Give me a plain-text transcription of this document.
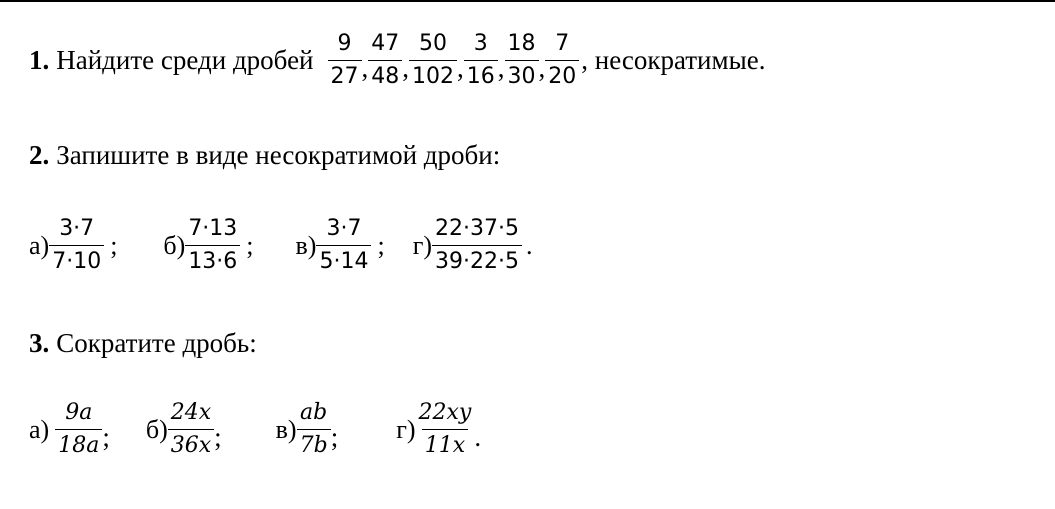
1. Найдите среди дробей $\frac{9}{27}$ , $\frac{47}{48}$ , $\frac{50}{102}$ , $\frac{3}{16}$ , $\frac{18}{30}$ , $\frac{7}{20}$ , несократимые.
2. Запишите в виде несократимой дроби:
$а) \frac{3\cdot 7}{7\cdot 10}$ ; $б) \frac{7\cdot 13}{13\cdot 6}$ ; $в) \frac{3\cdot 7}{5\cdot 14}$ ; $г) \frac{22\cdot 37\cdot 5}{39\cdot 22\cdot 5}$ .
3. Сократите дробь:
$а) \frac{9a}{18a}$ ; $б) \frac{24x}{36x}$ ; $в) \frac{ab}{7b}$ ; $г) \frac{22xy}{11x}$ .
